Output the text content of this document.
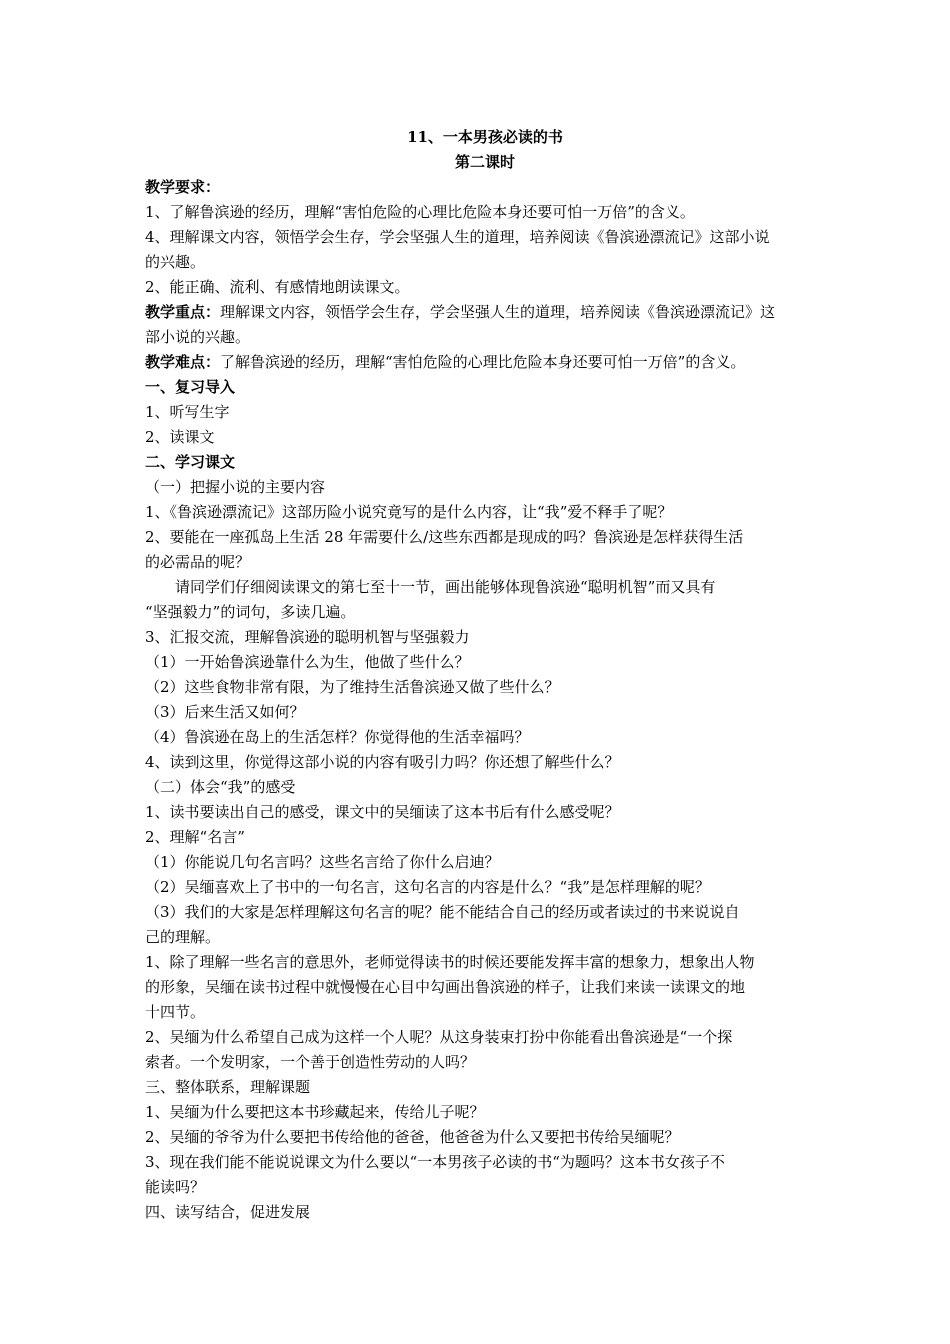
11、一本男孩必读的书

第二课时

教学要求：

1、了解鲁滨逊的经历，理解“害怕危险的心理比危险本身还要可怕一万倍”的含义。

4、理解课文内容，领悟学会生存，学会坚强人生的道理，培养阅读《鲁滨逊漂流记》这部小说

的兴趣。

2、能正确、流利、有感情地朗读课文。

教学重点：理解课文内容，领悟学会生存，学会坚强人生的道理，培养阅读《鲁滨逊漂流记》这

部小说的兴趣。

教学难点：了解鲁滨逊的经历，理解“害怕危险的心理比危险本身还要可怕一万倍”的含义。

一、复习导入

1、听写生字

2、读课文

二、学习课文

（一）把握小说的主要内容

1、《鲁滨逊漂流记》这部历险小说究竟写的是什么内容，让“我”爱不释手了呢？

2、要能在一座孤岛上生活 28 年需要什么/这些东西都是现成的吗？鲁滨逊是怎样获得生活

的必需品的呢？

请同学们仔细阅读课文的第七至十一节，画出能够体现鲁滨逊“聪明机智”而又具有

“坚强毅力”的词句，多读几遍。

3、汇报交流，理解鲁滨逊的聪明机智与坚强毅力

（1）一开始鲁滨逊靠什么为生，他做了些什么？

（2）这些食物非常有限，为了维持生活鲁滨逊又做了些什么？

（3）后来生活又如何？

（4）鲁滨逊在岛上的生活怎样？你觉得他的生活幸福吗？

4、读到这里，你觉得这部小说的内容有吸引力吗？你还想了解些什么？

（二）体会“我”的感受

1、读书要读出自己的感受，课文中的吴缅读了这本书后有什么感受呢？

2、理解“名言”

（1）你能说几句名言吗？这些名言给了你什么启迪？

（2）吴缅喜欢上了书中的一句名言，这句名言的内容是什么？“我”是怎样理解的呢？

（3）我们的大家是怎样理解这句名言的呢？能不能结合自己的经历或者读过的书来说说自

己的理解。

1、除了理解一些名言的意思外，老师觉得读书的时候还要能发挥丰富的想象力，想象出人物

的形象，吴缅在读书过程中就慢慢在心目中勾画出鲁滨逊的样子，让我们来读一读课文的地

十四节。

2、吴缅为什么希望自己成为这样一个人呢？从这身装束打扮中你能看出鲁滨逊是“一个探

索者。一个发明家，一个善于创造性劳动的人吗？

三、整体联系，理解课题

1、吴缅为什么要把这本书珍藏起来，传给儿子呢？

2、吴缅的爷爷为什么要把书传给他的爸爸，他爸爸为什么又要把书传给吴缅呢？

3、现在我们能不能说说课文为什么要以“一本男孩子必读的书“为题吗？这本书女孩子不

能读吗？

四、读写结合，促进发展
